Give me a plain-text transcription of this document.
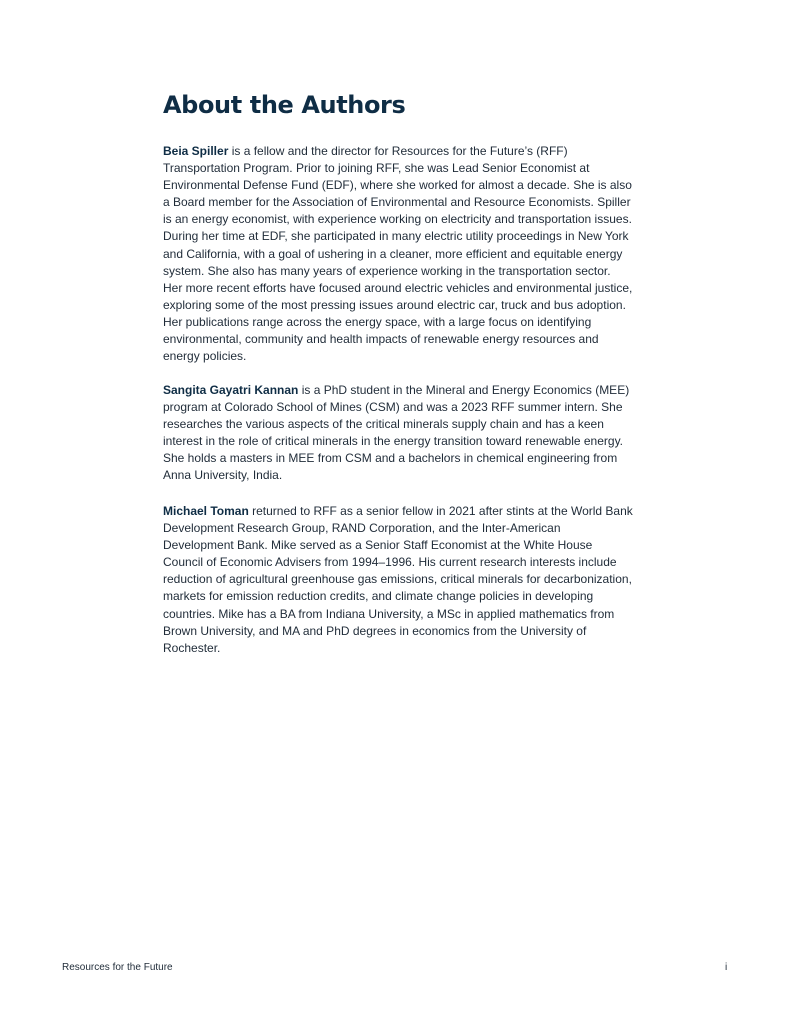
About the Authors

Beia Spiller is a fellow and the director for Resources for the Future’s (RFF) Transportation Program. Prior to joining RFF, she was Lead Senior Economist at Environmental Defense Fund (EDF), where she worked for almost a decade. She is also a Board member for the Association of Environmental and Resource Economists. Spiller is an energy economist, with experience working on electricity and transportation issues. During her time at EDF, she participated in many electric utility proceedings in New York and California, with a goal of ushering in a cleaner, more efficient and equitable energy system. She also has many years of experience working in the transportation sector. Her more recent efforts have focused around electric vehicles and environmental justice, exploring some of the most pressing issues around electric car, truck and bus adoption. Her publications range across the energy space, with a large focus on identifying environmental, community and health impacts of renewable energy resources and energy policies.

Sangita Gayatri Kannan is a PhD student in the Mineral and Energy Economics (MEE) program at Colorado School of Mines (CSM) and was a 2023 RFF summer intern. She researches the various aspects of the critical minerals supply chain and has a keen interest in the role of critical minerals in the energy transition toward renewable energy. She holds a masters in MEE from CSM and a bachelors in chemical engineering from Anna University, India.

Michael Toman returned to RFF as a senior fellow in 2021 after stints at the World Bank Development Research Group, RAND Corporation, and the Inter-American Development Bank. Mike served as a Senior Staff Economist at the White House Council of Economic Advisers from 1994–1996. His current research interests include reduction of agricultural greenhouse gas emissions, critical minerals for decarbonization, markets for emission reduction credits, and climate change policies in developing countries. Mike has a BA from Indiana University, a MSc in applied mathematics from Brown University, and MA and PhD degrees in economics from the University of Rochester.

Resources for the Future	i
